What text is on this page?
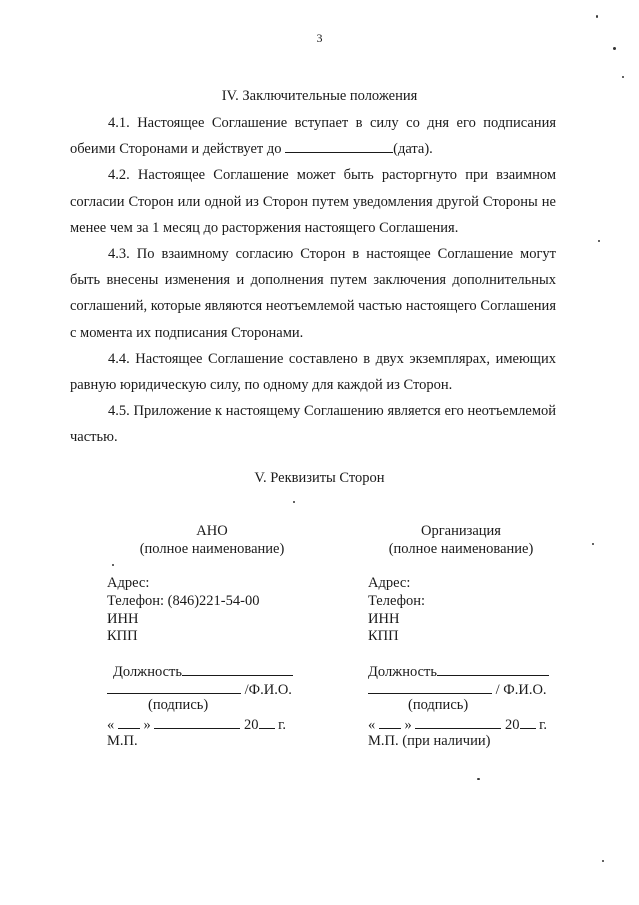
3
IV. Заключительные положения

4.1. Настоящее Соглашение вступает в силу со дня его подписания обеими Сторонами и действует до	(дата).

4.2. Настоящее Соглашение может быть расторгнуто при взаимном согласии Сторон или одной из Сторон путем уведомления другой Стороны не менее чем за 1 месяц до расторжения настоящего Соглашения.

4.3. По взаимному согласию Сторон в настоящее Соглашение могут быть внесены изменения и дополнения путем заключения дополнительных соглашений, которые являются неотъемлемой частью настоящего Соглашения с момента их подписания Сторонами.

4.4. Настоящее Соглашение составлено в двух экземплярах, имеющих равную юридическую силу, по одному для каждой из Сторон.

4.5. Приложение к настоящему Соглашению является его неотъемлемой частью.

V. Реквизиты Сторон
АНО
(полное наименование)
Адрес:
Телефон: (846)221-54-00
ИНН
КПП
Должность
/Ф.И.О.
(подпись)
« »	20 г.
М.П.
Организация
(полное наименование)
Адрес:
Телефон:
ИНН
КПП
Должность
/ Ф.И.О.
(подпись)
« »	20 г.
М.П. (при наличии)
